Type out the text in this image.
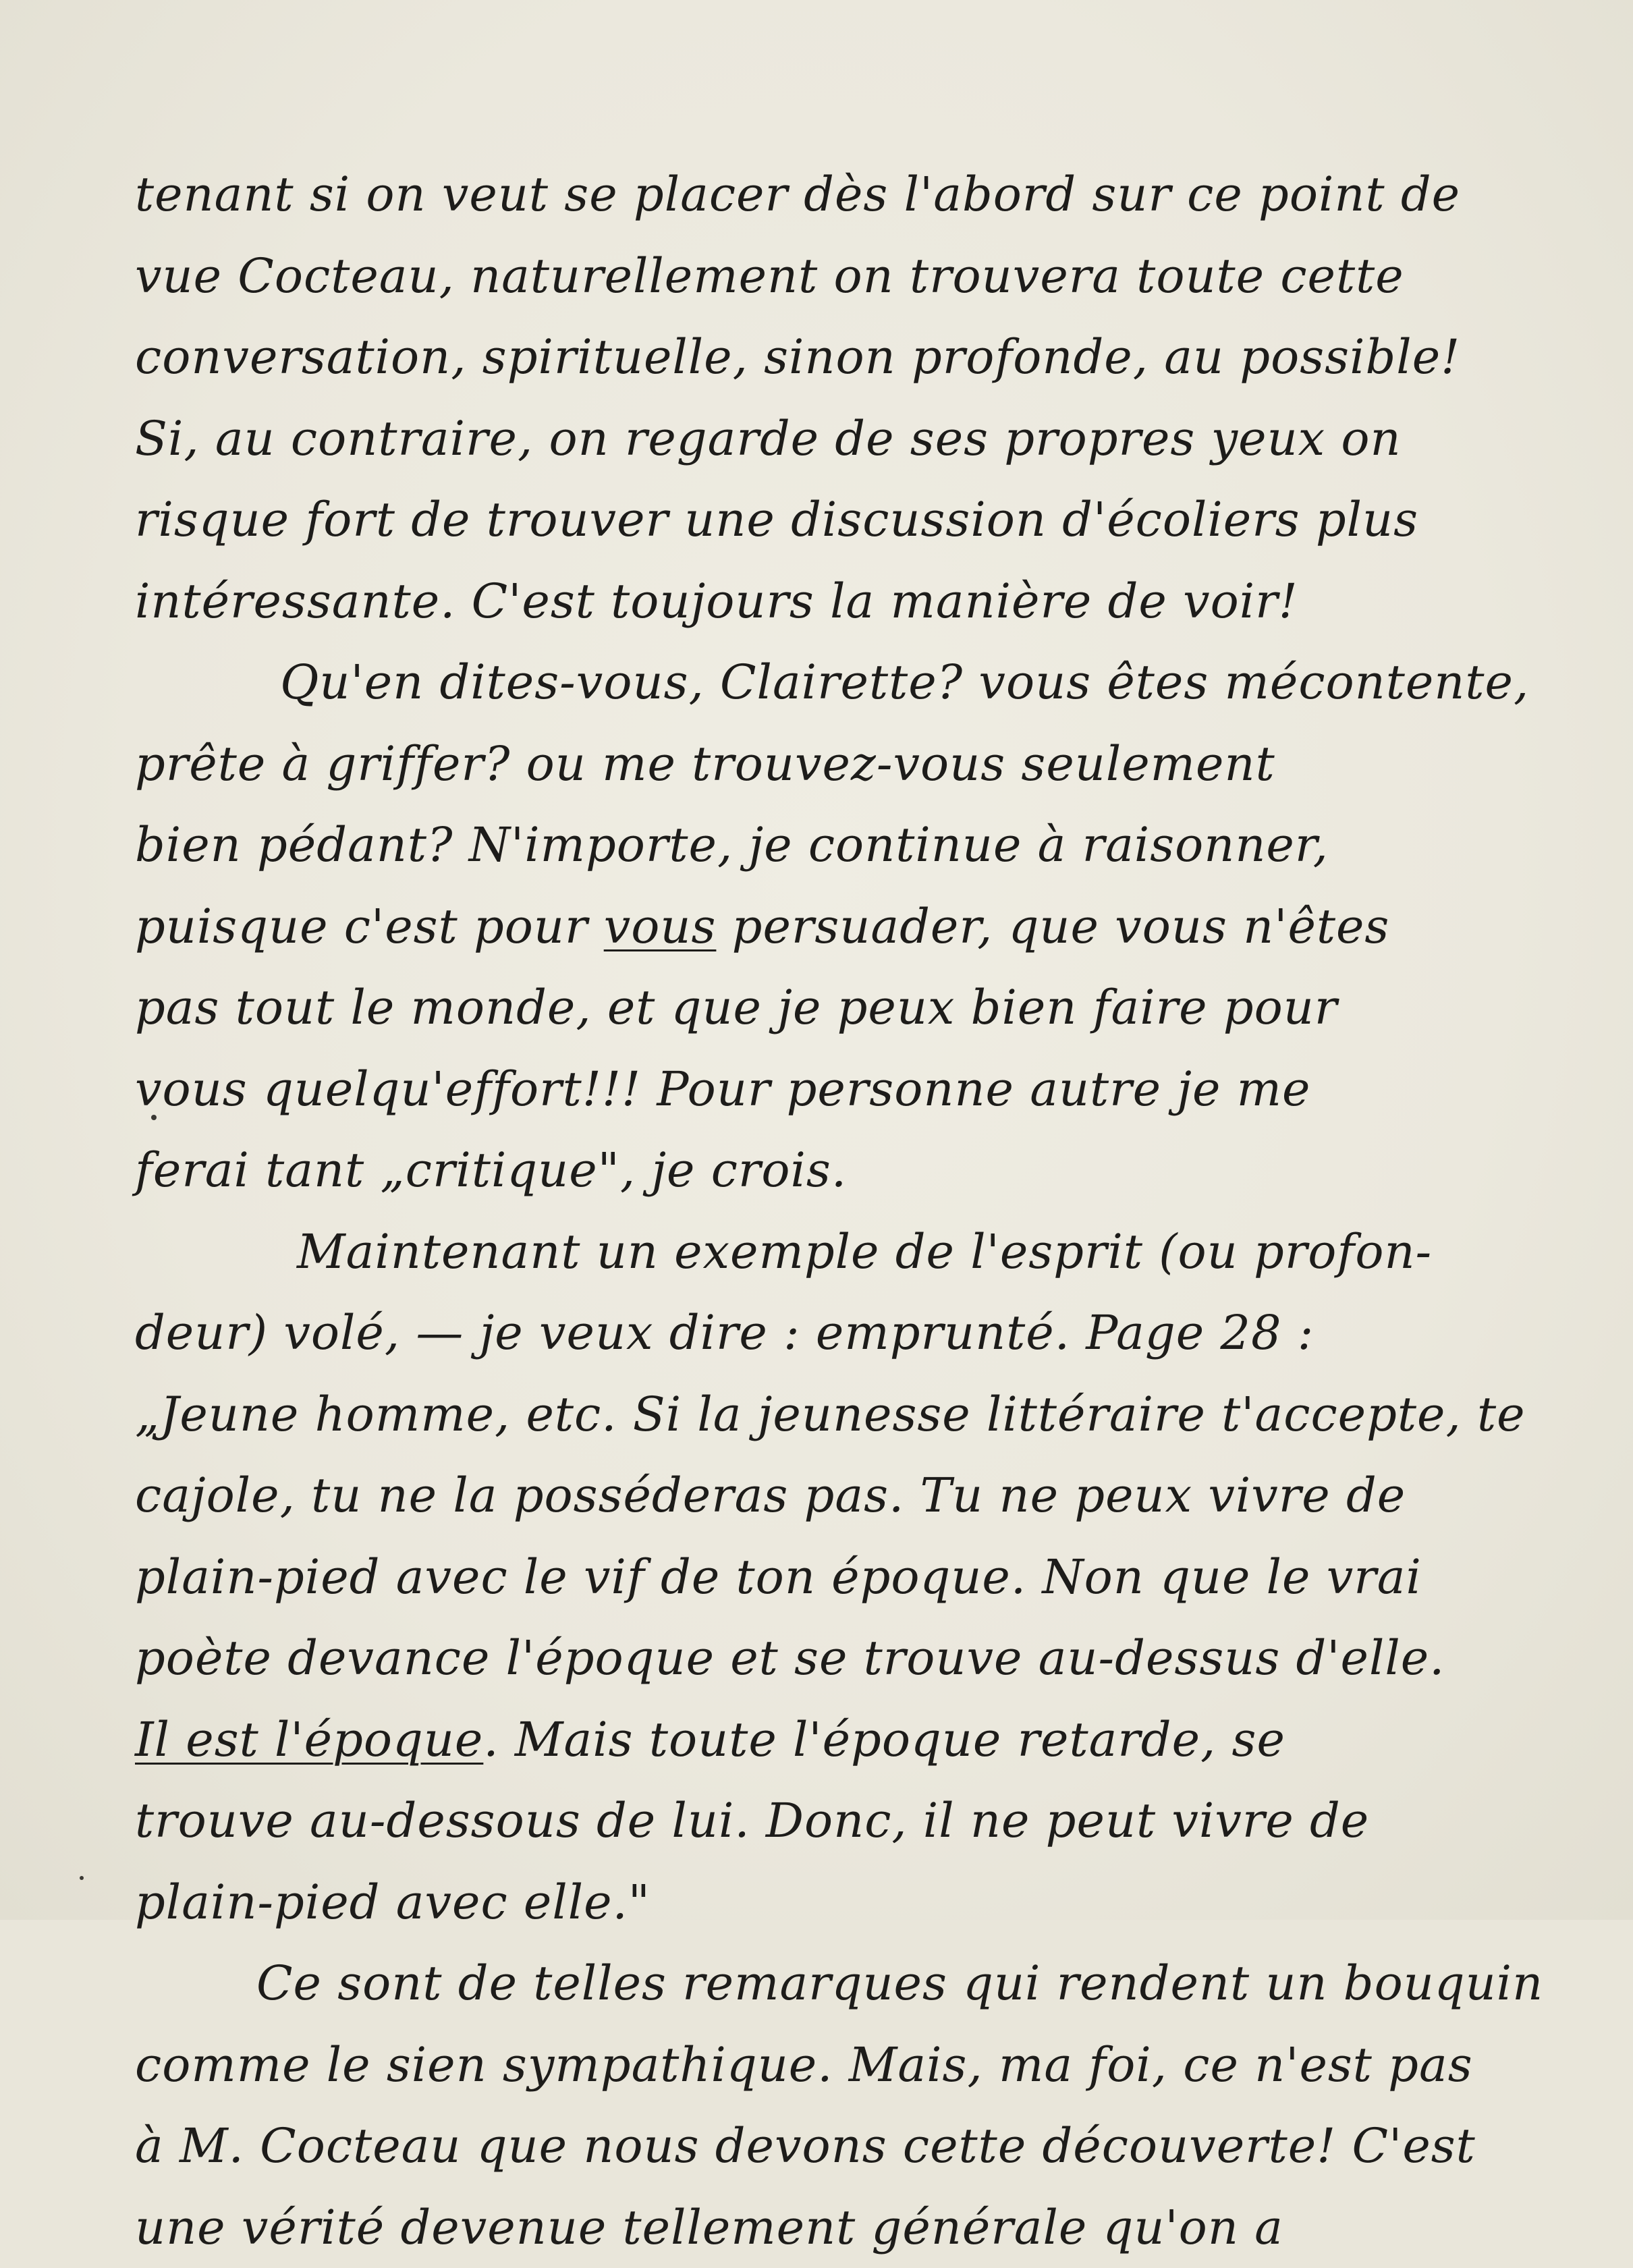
tenant si on veut se placer dès l'abord sur ce point de
vue Cocteau, naturellement on trouvera toute cette
conversation, spirituelle, sinon profonde, au possible!
Si, au contraire, on regarde de ses propres yeux on
risque fort de trouver une discussion d'écoliers plus
intéressante. C'est toujours la manière de voir!
Qu'en dites-vous, Clairette? vous êtes mécontente,
prête à griffer? ou me trouvez-vous seulement
bien pédant? N'importe, je continue à raisonner,
puisque c'est pour vous persuader, que vous n'êtes
pas tout le monde, et que je peux bien faire pour
vous quelqu'effort!!! Pour personne autre je me
ferai tant „critique", je crois.
Maintenant un exemple de l'esprit (ou profon-
deur) volé, — je veux dire : emprunté. Page 28 :
„Jeune homme, etc. Si la jeunesse littéraire t'accepte, te
cajole, tu ne la posséderas pas. Tu ne peux vivre de
plain-pied avec le vif de ton époque. Non que le vrai
poète devance l'époque et se trouve au-dessus d'elle.
Il est l'époque. Mais toute l'époque retarde, se
trouve au-dessous de lui. Donc, il ne peut vivre de
plain-pied avec elle."
Ce sont de telles remarques qui rendent un bouquin
comme le sien sympathique. Mais, ma foi, ce n'est pas
à M. Cocteau que nous devons cette découverte! C'est
une vérité devenue tellement générale qu'on a
